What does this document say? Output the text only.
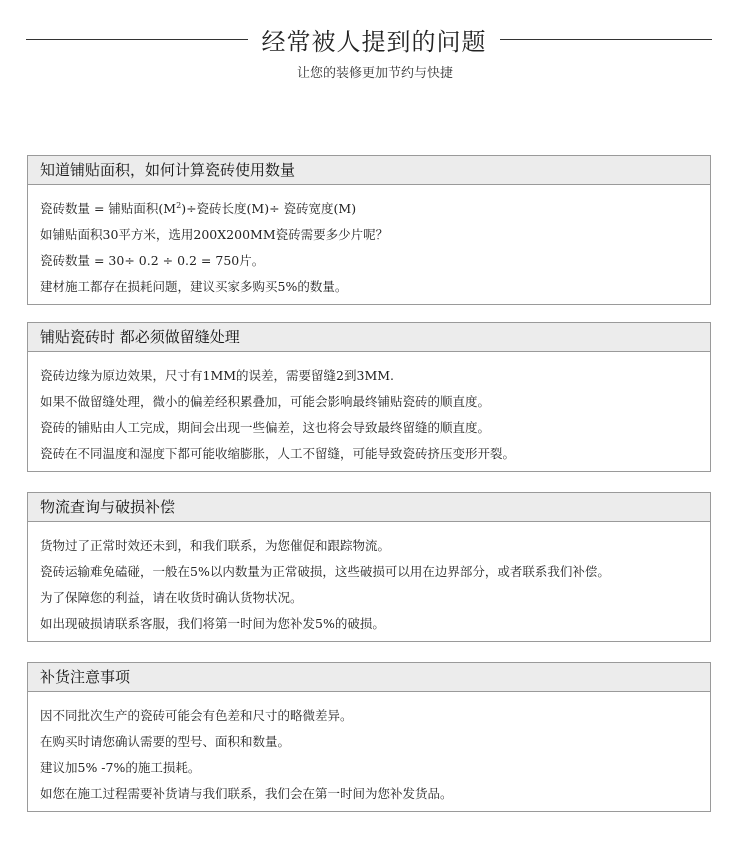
经常被人提到的问题
让您的装修更加节约与快捷
知道铺贴面积，如何计算瓷砖使用数量
瓷砖数量 = 铺贴面积$(M^2)\div$瓷砖长度(M)÷ 瓷砖宽度(M)
如铺贴面积30平方米，选用200X200MM瓷砖需要多少片呢？
瓷砖数量 = 30÷ 0.2 ÷ 0.2 = 750片。
建材施工都存在损耗问题，建议买家多购买5%的数量。
铺贴瓷砖时 都必须做留缝处理
瓷砖边缘为原边效果，尺寸有1MM的误差，需要留缝2到3MM.
如果不做留缝处理，微小的偏差经积累叠加，可能会影响最终铺贴瓷砖的顺直度。
瓷砖的铺贴由人工完成，期间会出现一些偏差，这也将会导致最终留缝的顺直度。
瓷砖在不同温度和湿度下都可能收缩膨胀，人工不留缝，可能导致瓷砖挤压变形开裂。
物流查询与破损补偿
货物过了正常时效还未到，和我们联系，为您催促和跟踪物流。
瓷砖运输难免磕碰，一般在5%以内数量为正常破损，这些破损可以用在边界部分，或者联系我们补偿。
为了保障您的利益，请在收货时确认货物状况。
如出现破损请联系客服，我们将第一时间为您补发5%的破损。
补货注意事项
因不同批次生产的瓷砖可能会有色差和尺寸的略微差异。
在购买时请您确认需要的型号、面积和数量。
建议加5% -7%的施工损耗。
如您在施工过程需要补货请与我们联系，我们会在第一时间为您补发货品。
